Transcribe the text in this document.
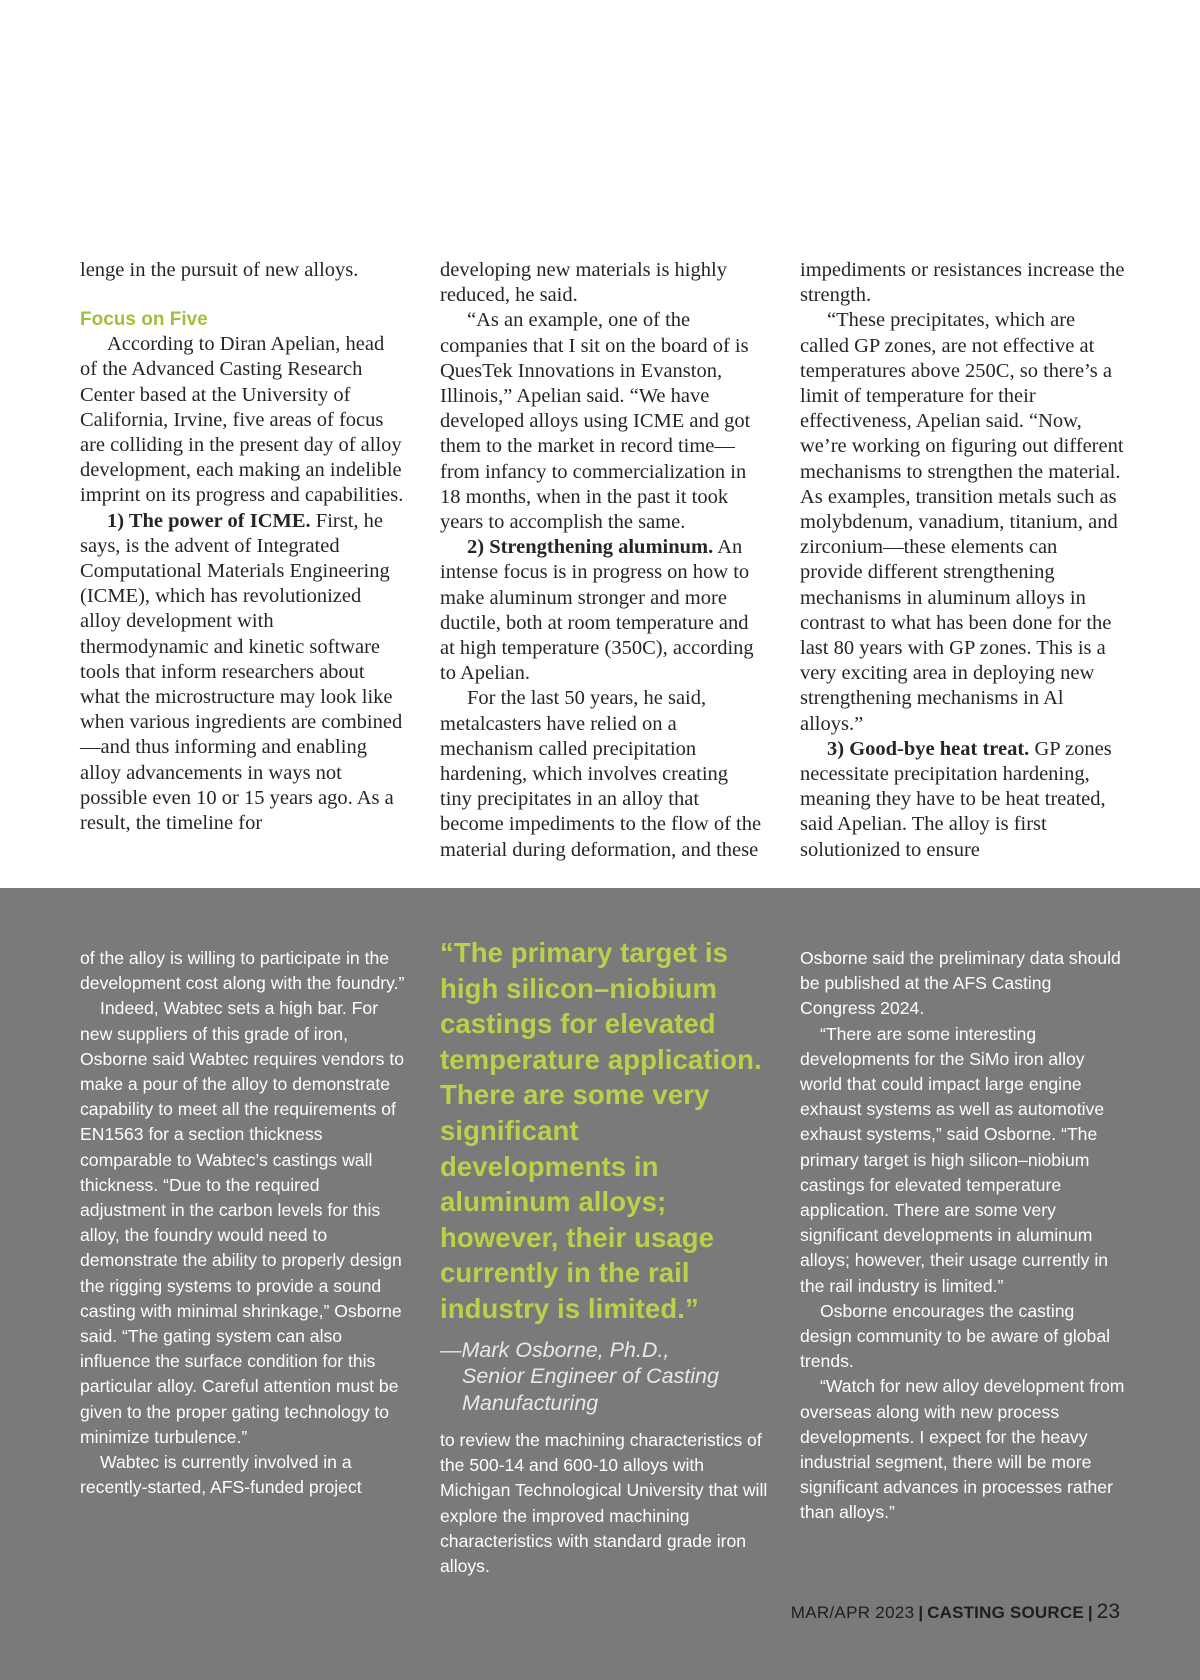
lenge in the pursuit of new alloys.

Focus on Five

According to Diran Apelian, head of the Advanced Casting Research Center based at the University of California, Irvine, five areas of focus are colliding in the present day of alloy development, each making an indelible imprint on its progress and capabilities.

1) The power of ICME. First, he says, is the advent of Integrated Computational Materials Engineering (ICME), which has revolutionized alloy development with thermodynamic and kinetic software tools that inform researchers about what the microstructure may look like when various ingredients are combined—and thus informing and enabling alloy advancements in ways not possible even 10 or 15 years ago. As a result, the timeline for

developing new materials is highly reduced, he said.

“As an example, one of the companies that I sit on the board of is QuesTek Innovations in Evanston, Illinois,” Apelian said. “We have developed alloys using ICME and got them to the market in record time—from infancy to commercialization in 18 months, when in the past it took years to accomplish the same.

2) Strengthening aluminum. An intense focus is in progress on how to make aluminum stronger and more ductile, both at room temperature and at high temperature (350C), according to Apelian.

For the last 50 years, he said, metalcasters have relied on a mechanism called precipitation hardening, which involves creating tiny precipitates in an alloy that become impediments to the flow of the material during deformation, and these

impediments or resistances increase the strength.

“These precipitates, which are called GP zones, are not effective at temperatures above 250C, so there’s a limit of temperature for their effectiveness, Apelian said. “Now, we’re working on figuring out different mechanisms to strengthen the material. As examples, transition metals such as molybdenum, vanadium, titanium, and zirconium—these elements can provide different strengthening mechanisms in aluminum alloys in contrast to what has been done for the last 80 years with GP zones. This is a very exciting area in deploying new strengthening mechanisms in Al alloys.”

3) Good-bye heat treat. GP zones necessitate precipitation hardening, meaning they have to be heat treated, said Apelian. The alloy is first solutionized to ensure

of the alloy is willing to participate in the development cost along with the foundry.”

Indeed, Wabtec sets a high bar. For new suppliers of this grade of iron, Osborne said Wabtec requires vendors to make a pour of the alloy to demonstrate capability to meet all the requirements of EN1563 for a section thickness comparable to Wabtec’s castings wall thickness. “Due to the required adjustment in the carbon levels for this alloy, the foundry would need to demonstrate the ability to properly design the rigging systems to provide a sound casting with minimal shrinkage,” Osborne said. “The gating system can also influence the surface condition for this particular alloy. Careful attention must be given to the proper gating technology to minimize turbulence.”

Wabtec is currently involved in a recently-started, AFS-funded project

“The primary target is high silicon–niobium castings for elevated temperature application. There are some very significant developments in aluminum alloys; however, their usage currently in the rail industry is limited.”

—Mark Osborne, Ph.D.,
Senior Engineer of Casting
Manufacturing

to review the machining characteristics of the 500-14 and 600-10 alloys with Michigan Technological University that will explore the improved machining characteristics with standard grade iron alloys.

Osborne said the preliminary data should be published at the AFS Casting Congress 2024.

“There are some interesting developments for the SiMo iron alloy world that could impact large engine exhaust systems as well as automotive exhaust systems,” said Osborne. “The primary target is high silicon–niobium castings for elevated temperature application. There are some very significant developments in aluminum alloys; however, their usage currently in the rail industry is limited.”

Osborne encourages the casting design community to be aware of global trends.

“Watch for new alloy development from overseas along with new process developments. I expect for the heavy industrial segment, there will be more significant advances in processes rather than alloys.”

MAR/APR 2023 | CASTING SOURCE | 23
